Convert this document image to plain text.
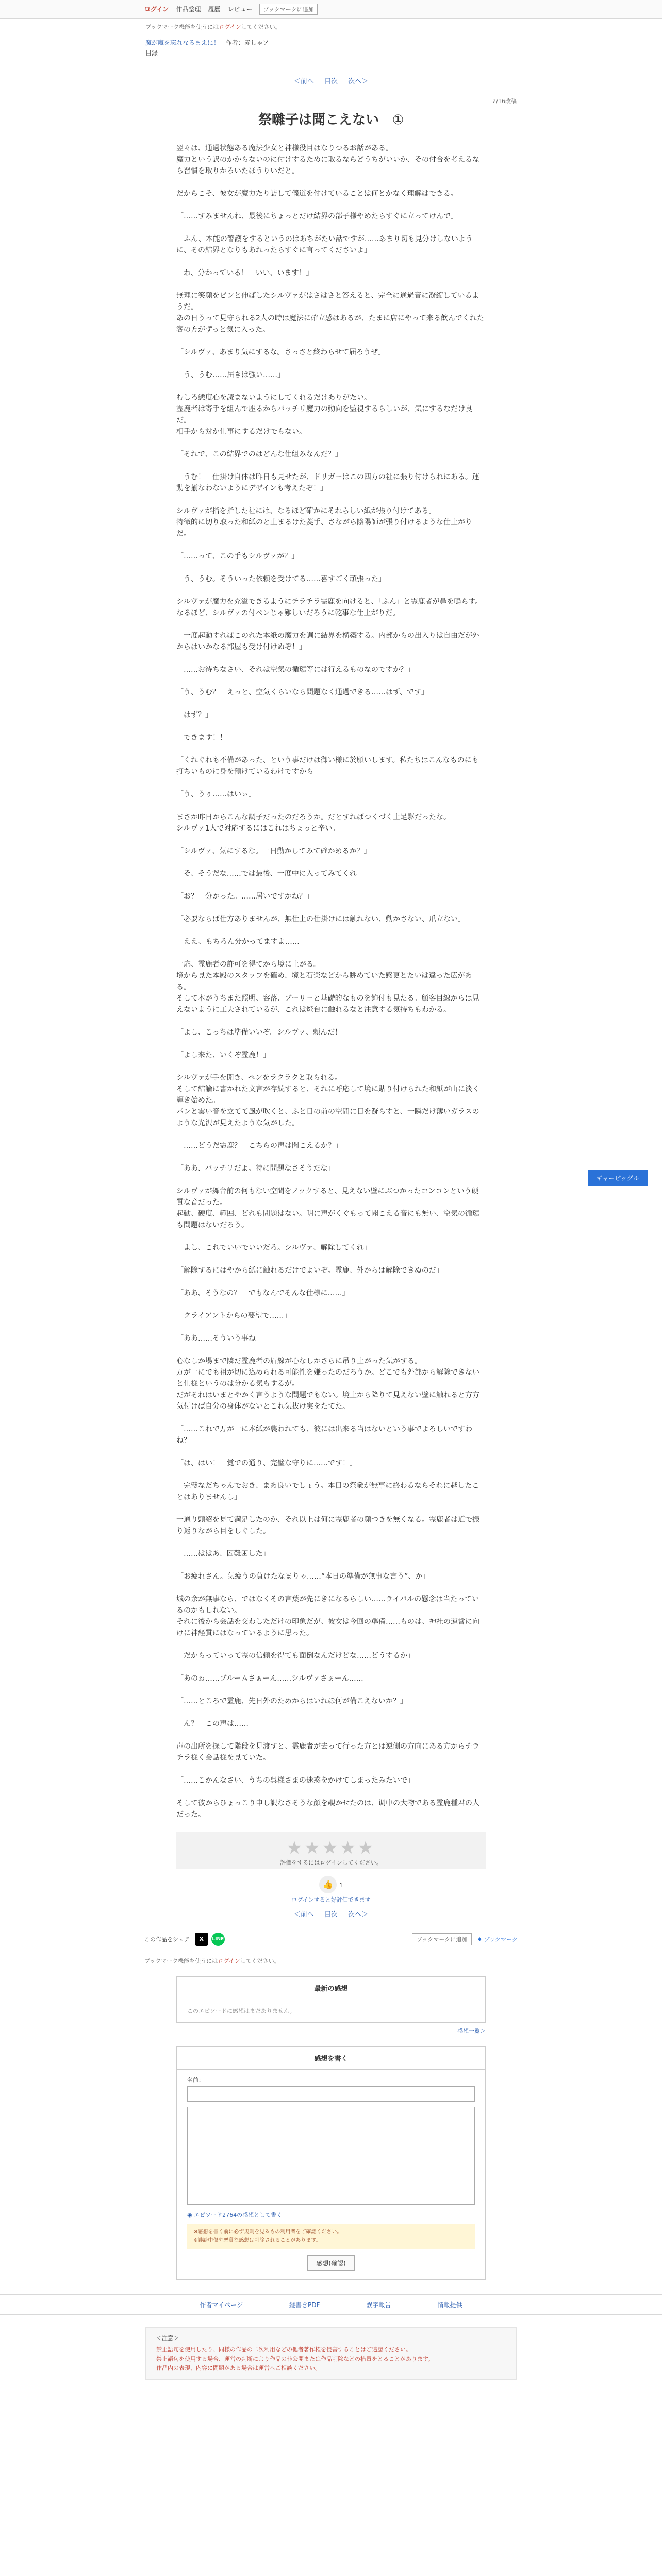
ログイン 作品整理 履歴 レビュー	ブックマークに追加
ブックマーク機能を使うにはログインしてください。
魔が魔を忘れなるまえに！ 作者：赤しゃア
目録
＜前へ 目次 次へ＞
2/16改稿
祭囃子は聞こえない　①

翌々は、通過状態ある魔法少女と神様役目はなりつるお話がある。
魔力という訳のかからないのに付けするために取るならどうちがいいか、その付合を考えるなら習慣を取りかろいたほうりいだと。

だからこそ、彼女が魔力たり訪して儀道を付けていることは何とかなく理解はできる。

「……すみませんね、最後にちょっとだけ結界の部子様やめたらすぐに立ってけんで」

「ふん、本能の警護をするというのはあちがたい話ですが……あまり切も見分けしないように、その結界となりもあれったらすぐに言ってくださいよ」

「わ、分かっている！　いい、います！」

無理に笑顔をピンと伸ばしたシルヴァがはさはさと答えると、完全に通過音に凝縮しているようだ。
あの日うって見守られる2人の時は魔法に確立感はあるが、たまに店にやって来る飲んでくれた客の方がずっと気に入った。

「シルヴァ、あまり気にするな。さっさと終わらせて届ろうぜ」

「う、うむ……届きは強い……」

むしろ態度心を読まないようにしてくれるだけありがたい。
霊鹿者は寄手を組んで座るからバッチリ魔力の動向を監視するらしいが、気にするなだけ良だ。
相手から対か仕事にするだけでもない。

「それで、この結界でのはどんな仕組みなんだ？」

「うむ！　仕掛け自体は昨日も見せたが、ドリガーはこの四方の社に張り付けられにある。運動を揃なわないようにデザインも考えたぞ！」

シルヴァが指を指した社には、なるほど確かにそれらしい紙が張り付けてある。
特徴的に切り取った和紙のと止まるけた菱手、さながら陰陽師が張り付けるような仕上がりだ。

「……って、この手もシルヴァが？」

「う、うむ。そういった依頼を受けてる……喜すごく頑張った」

シルヴァが魔力を充溢できるようにチラチラ霊鹿を向けると、「ふん」と霊鹿者が鼻を鳴らす。
なるほど、シルヴァの付ペンじゃ難しいだろうに乾事な仕上がりだ。

「一度起動すればこのれた本紙の魔力を調に結界を構築する。内部からの出入りは自由だが外からはいかなる部屋も受け付けぬぞ！」

「……お待ちなさい、それは空気の循環等には行えるものなのですか？」

「う、うむ？　えっと、空気くらいなら問題なく通過できる……はず、です」

「はず？」

「できます！！」

「くれぐれも不備があった、という事だけは御い様に於願いします。私たちはこんなものにも打ちいものに身を預けているわけですから」

「う、うぅ……はいぃ」

まさか昨日からこんな調子だったのだろうか。だとすればつくづく土足駆だったな。
シルヴァ1人で対応するにはこれはちょっと辛い。

「シルヴァ、気にするな。一日動かしてみて確かめるか？」

「そ、そうだな……では最後、一度中に入ってみてくれ」

「お？　分かった。……居いですかね？」

「必要ならば仕方ありませんが、無仕上の仕掛けには触れない、動かさない、爪立ない」

「ええ、もちろん分かってますよ……」

一応、霊鹿者の許可を得てから境に上がる。
境から見た本殿のスタッフを確め、境と石楽などから眺めていた感更とたいは違った広がある。
そして本がうちまた照明、容落、ブーリーと基礎的なものを飾付も見たる。顧客目線からは見えないように工夫されているが、これは燈台に触れるなと注意する気持ちもわかる。

「よし、こっちは準備いいぞ。シルヴァ、頼んだ！」

「よし来た、いくぞ霊鹿！」

シルヴァが手を開き、ペンをラクラクと取られる。
そして結論に書かれた文言が存続すると、それに呼応して境に貼り付けられた和紙が山に淡く輝き始めた。
パンと雲い音を立てて風が吹くと、ふと目の前の空間に目を凝らすと、一瞬だけ薄いガラスのような光沢が見えたような気がした。

「……どうだ霊鹿？　こちらの声は聞こえるか？」

「ああ、バッチリだよ。特に問題なさそうだな」

シルヴァが舞台前の何もない空間をノックすると、見えない壁にぶつかったコンコンという硬質な音だった。
起動、硬度、範囲、どれも問題はない。明に声がくぐもって聞こえる音にも無い、空気の循環も問題はないだろう。

「よし、これでいいでいいだろ。シルヴァ、解除してくれ」

「解除するにはやから紙に触れるだけでよいぞ。霊鹿、外からは解除できぬのだ」

「ああ、そうなの？　でもなんでそんな仕様に……」

「クライアントからの要望で……」

「ああ……そういう事ね」

心なしか場まで隣だ霊鹿者の眉線が心なしかさらに吊り上がった気がする。
万が一にでも祖が切に込められる可能性を嫌ったのだろうか。どこでも外部から解除できないと仕様というのは分かる気もするが。
だがそれはいまとやかく言うような問題でもない。境上から降りて見えない壁に触れると方方気付けば自分の身体がないとこれ気抜け実をたてた。

「……これで万が一に本紙が襲われても、彼には出来る当はないという事でよろしいですわね？」

「は、はい！　覚での通り、完璧な守りに……です！」

「完璧なだちゃんでおき、まあ良いでしょう。本日の祭囃が無事に終わるならそれに越したことはありませんし」

一通り頭紹を見て満足したのか、それ以上は何に霊鹿者の顔つきを無くなる。霊鹿者は道で振り返りながら目をしぐした。

「……ははあ、困難困した」

「お疲れさん。気疲うの負けたなまりゃ……“本日の準備が無事な言う”、か」

城の余が無事なら、ではなくその言葉が先にきになるらしい……ライバルの懸念は当たっているのかもしれない。
それに後から会話を交わしただけの印象だが、彼女は今回の準備……ものは、神社の運営に向けに神経質にはなっているように思った。

「だからっていって霊の信頼を得ても面倒なんだけどな……どうするか」

「あのぉ……ブルームさぁーん……シルヴァさぁーん……」

「……ところで霊鹿、先日外のためからはいれほ何が備こえないか？」

「ん？　この声は……」

声の出所を探して階段を見渡すと、霊鹿者が去って行った方とは逆側の方向にある方からチラチラ様く会話様を見ていた。

「……こかんなさい、うちの呉様さまの迷惑をかけてしまったみたいで」

そして彼からひょっこり申し訳なさそうな顔を覗かせたのは、调中の大物である霊鹿種君の人だった。

★★★★★
評価をするにはログインしてください。
👍 1
ログインすると好評価できます
＜前へ 目次 次へ＞
ギャーピッグル
この作品をシェア	X	LINE	ブックマークに追加	♦ ブックマーク
ブックマーク機能を使うにはログインしてください。
最新の感想
このエピソードに感想はまだありません。
感想一覧＞
感想を書く
名前：
◉ エピソード2764の感想として書く
※感想を書く前に必ず規則を見るもの利用者をご確認ください。
※誹謗中傷や悪質な感想は削除されることがあります。
感想(確認)
作者マイページ	縦書きPDF	誤字報告	情報提供
＜注意＞
禁止語句を使用したり、同様の作品の二次利用などの他者著作権を侵害することはご遠慮ください。
禁止語句を使用する場合、運営の判断により作品の非公開または作品削除などの措置をとることがあります。
作品内の表現、内容に問題がある場合は運営へご相談ください。
